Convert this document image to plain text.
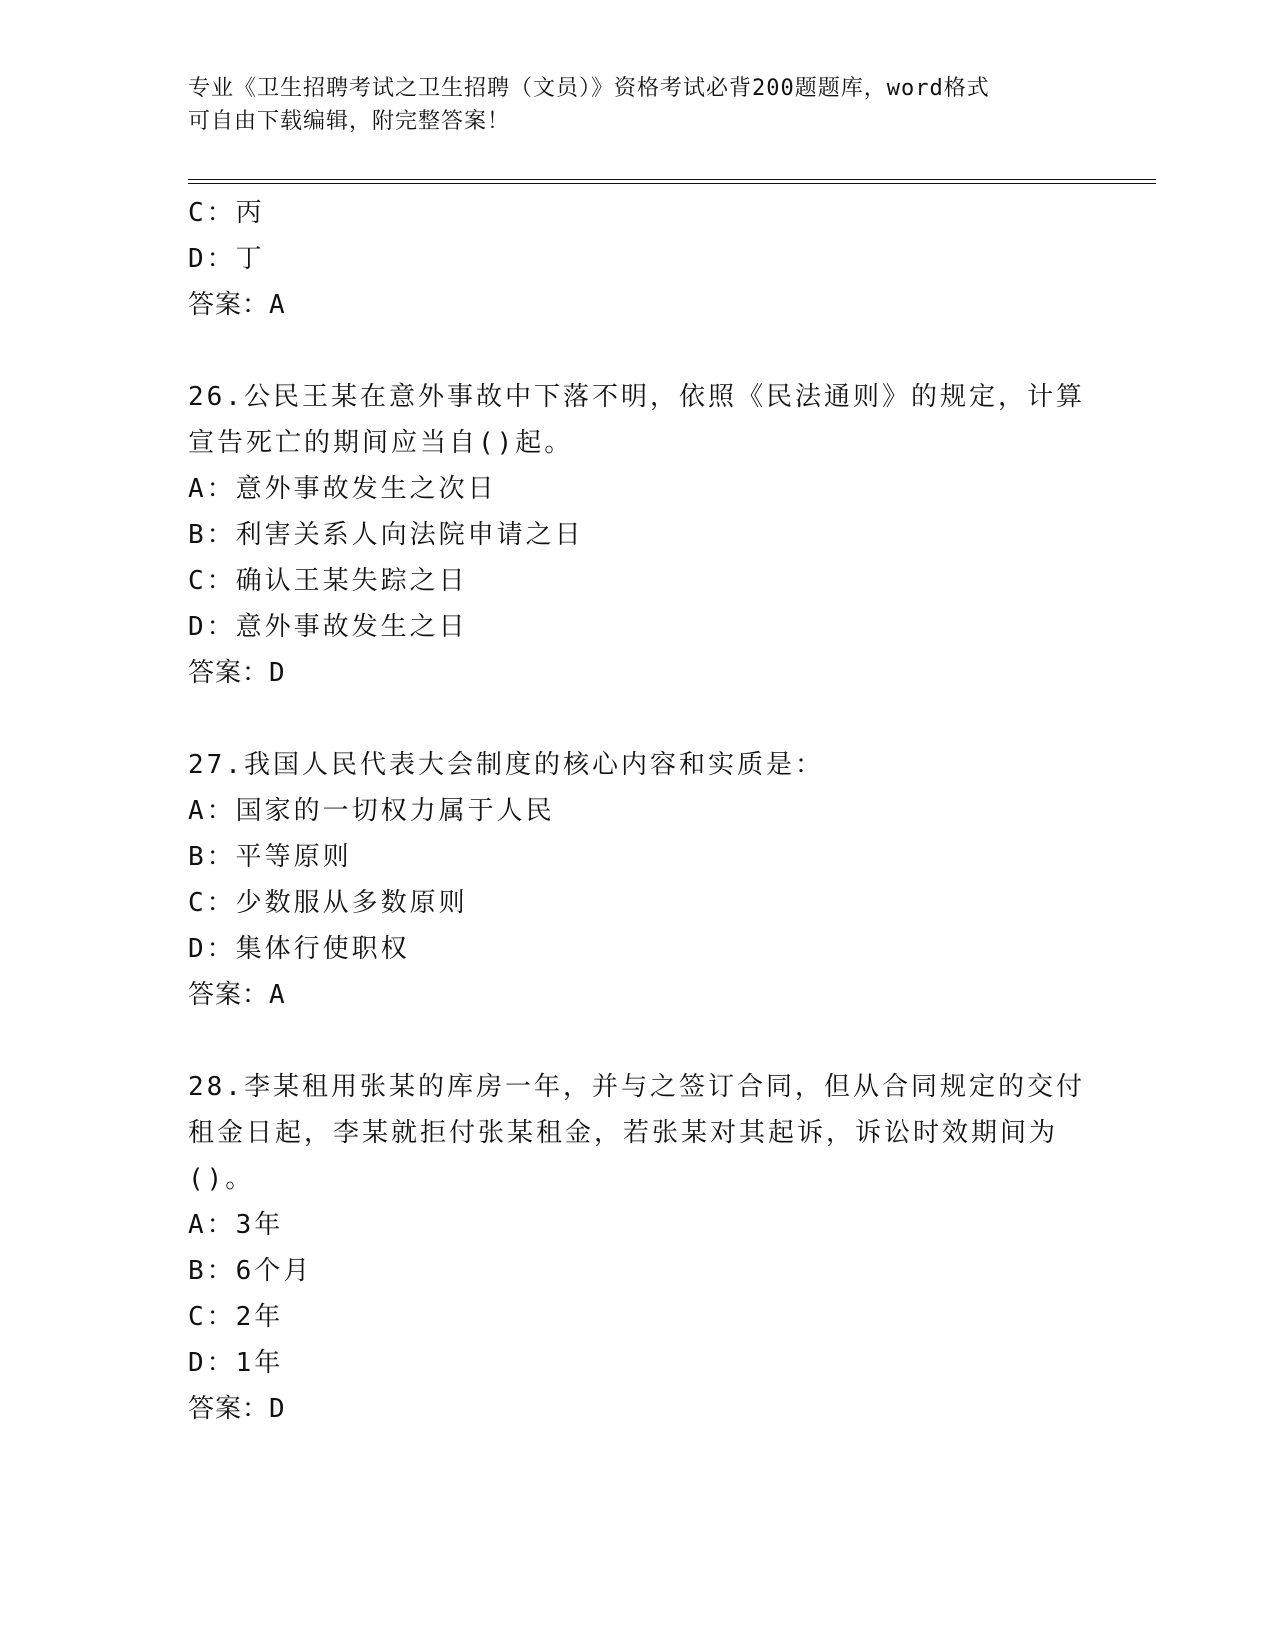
专业《卫生招聘考试之卫生招聘（文员）》资格考试必背200题题库，word格式
可自由下载编辑，附完整答案！
C：丙
D：丁
答案：A
26.公民王某在意外事故中下落不明，依照《民法通则》的规定，计算
宣告死亡的期间应当自()起。
A：意外事故发生之次日
B：利害关系人向法院申请之日
C：确认王某失踪之日
D：意外事故发生之日
答案：D
27.我国人民代表大会制度的核心内容和实质是：
A：国家的一切权力属于人民
B：平等原则
C：少数服从多数原则
D：集体行使职权
答案：A
28.李某租用张某的库房一年，并与之签订合同，但从合同规定的交付
租金日起，李某就拒付张某租金，若张某对其起诉，诉讼时效期间为
()。
A：3年
B：6个月
C：2年
D：1年
答案：D
